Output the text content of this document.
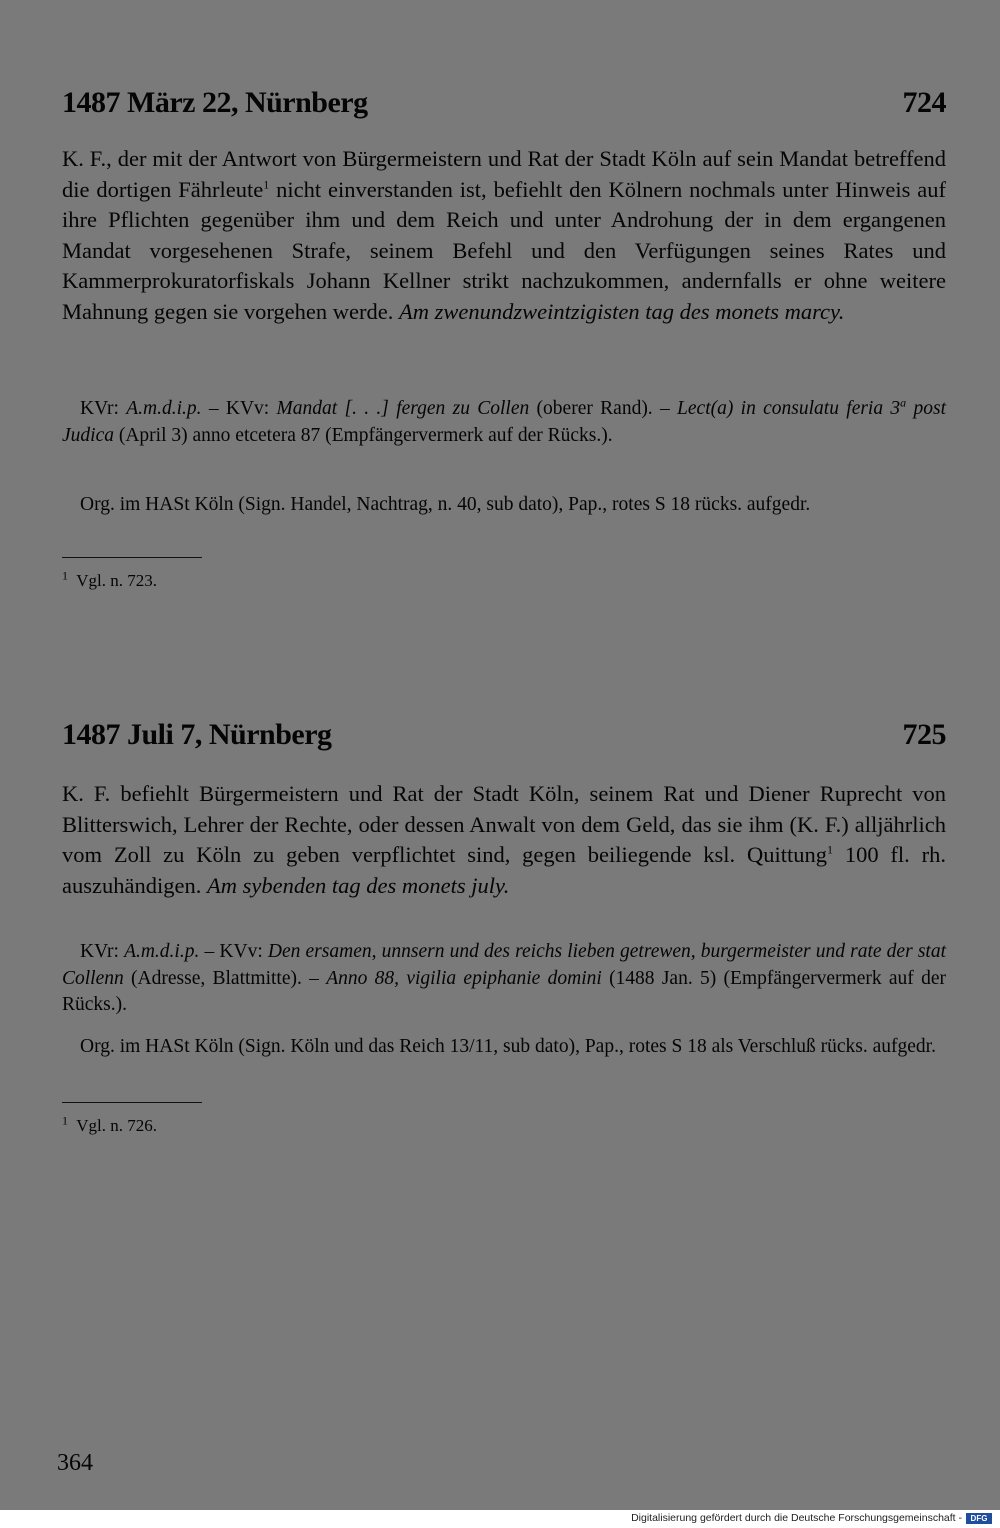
1487 März 22, Nürnberg	724

K. F., der mit der Antwort von Bürgermeistern und Rat der Stadt Köln auf sein Mandat betreffend die dortigen Fährleute$^1$ nicht einverstanden ist, befiehlt den Kölnern nochmals unter Hinweis auf ihre Pflichten gegenüber ihm und dem Reich und unter Androhung der in dem ergangenen Mandat vorgesehenen Strafe, seinem Befehl und den Verfügungen seines Rates und Kammerprokuratorfiskals Johann Kellner strikt nachzukommen, andernfalls er ohne weitere Mahnung gegen sie vorgehen werde. Am zwenundzweintzigisten tag des monets marcy.

KVr: A.m.d.i.p. – KVv: Mandat [. . .] fergen zu Collen (oberer Rand). – Lect(a) in consulatu feria 3$^a$ post Judica (April 3) anno etcetera 87 (Empfängervermerk auf der Rücks.).

Org. im HASt Köln (Sign. Handel, Nachtrag, n. 40, sub dato), Pap., rotes S 18 rücks. aufgedr.

$^1$ Vgl. n. 723.
1487 Juli 7, Nürnberg	725

K. F. befiehlt Bürgermeistern und Rat der Stadt Köln, seinem Rat und Diener Ruprecht von Blitterswich, Lehrer der Rechte, oder dessen Anwalt von dem Geld, das sie ihm (K. F.) alljährlich vom Zoll zu Köln zu geben verpflichtet sind, gegen beiliegende ksl. Quittung$^1$ 100 fl. rh. auszuhändigen. Am sybenden tag des monets july.

KVr: A.m.d.i.p. – KVv: Den ersamen, unnsern und des reichs lieben getrewen, burgermeister und rate der stat Collenn (Adresse, Blattmitte). – Anno 88, vigilia epiphanie domini (1488 Jan. 5) (Empfängervermerk auf der Rücks.).

Org. im HASt Köln (Sign. Köln und das Reich 13/11, sub dato), Pap., rotes S 18 als Verschluß rücks. aufgedr.

$^1$ Vgl. n. 726.
364
Digitalisierung gefördert durch die Deutsche Forschungsgemeinschaft -	DFG
